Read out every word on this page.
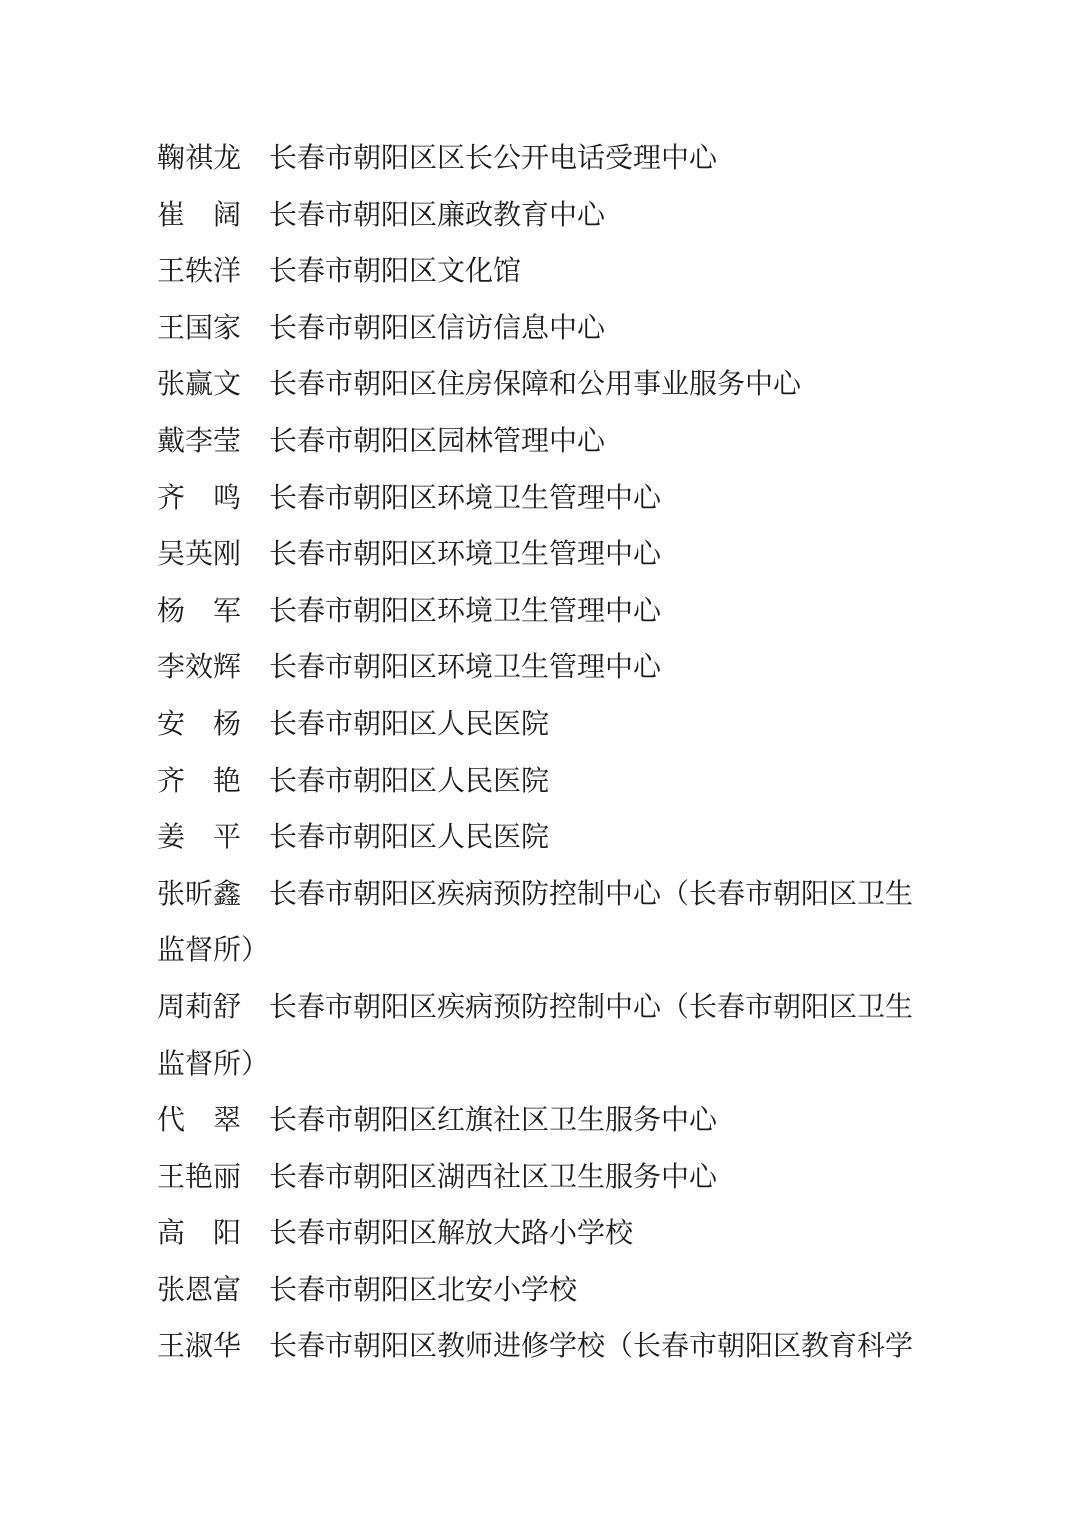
鞠祺龙 长春市朝阳区区长公开电话受理中心

崔　阔 长春市朝阳区廉政教育中心

王轶洋 长春市朝阳区文化馆

王国家 长春市朝阳区信访信息中心

张赢文 长春市朝阳区住房保障和公用事业服务中心

戴李莹 长春市朝阳区园林管理中心

齐　鸣 长春市朝阳区环境卫生管理中心

吴英刚 长春市朝阳区环境卫生管理中心

杨　军 长春市朝阳区环境卫生管理中心

李效辉 长春市朝阳区环境卫生管理中心

安　杨 长春市朝阳区人民医院

齐　艳 长春市朝阳区人民医院

姜　平 长春市朝阳区人民医院

张昕鑫 长春市朝阳区疾病预防控制中心（长春市朝阳区卫生监督所）

周莉舒 长春市朝阳区疾病预防控制中心（长春市朝阳区卫生监督所）

代　翠 长春市朝阳区红旗社区卫生服务中心

王艳丽 长春市朝阳区湖西社区卫生服务中心

高　阳 长春市朝阳区解放大路小学校

张恩富 长春市朝阳区北安小学校

王淑华 长春市朝阳区教师进修学校（长春市朝阳区教育科学
